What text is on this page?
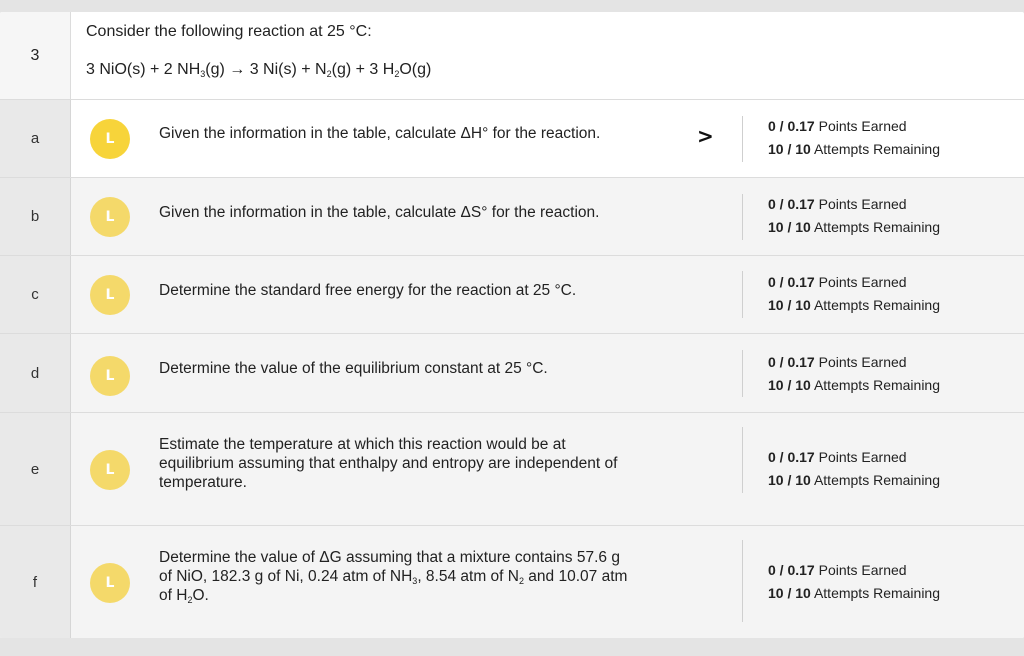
3
Consider the following reaction at 25 °C:
3 NiO(s) + 2 $NH_3(g) \to 3$ $Ni(s) + N_2(g) + 3$ $H_2O(g)$
a	L	Given the information in the table, calculate ΔH° for the reaction.	>	0 / 0.17 Points Earned
10 / 10 Attempts Remaining
b	L	Given the information in the table, calculate ΔS° for the reaction.	0 / 0.17 Points Earned
10 / 10 Attempts Remaining
c	L	Determine the standard free energy for the reaction at 25 °C.	0 / 0.17 Points Earned
10 / 10 Attempts Remaining
d	L	Determine the value of the equilibrium constant at 25 °C.	0 / 0.17 Points Earned
10 / 10 Attempts Remaining
e	L
Estimate the temperature at which this reaction would be at
equilibrium assuming that enthalpy and entropy are independent of
temperature.
0 / 0.17 Points Earned
10 / 10 Attempts Remaining
f	L
Determine the value of ΔG assuming that a mixture contains 57.6 g
of NiO, 182.3 g of Ni, 0.24 atm of $NH_3$, 8.54 atm of $N_2$ and 10.07 atm
of $H_2O$.
0 / 0.17 Points Earned
10 / 10 Attempts Remaining
